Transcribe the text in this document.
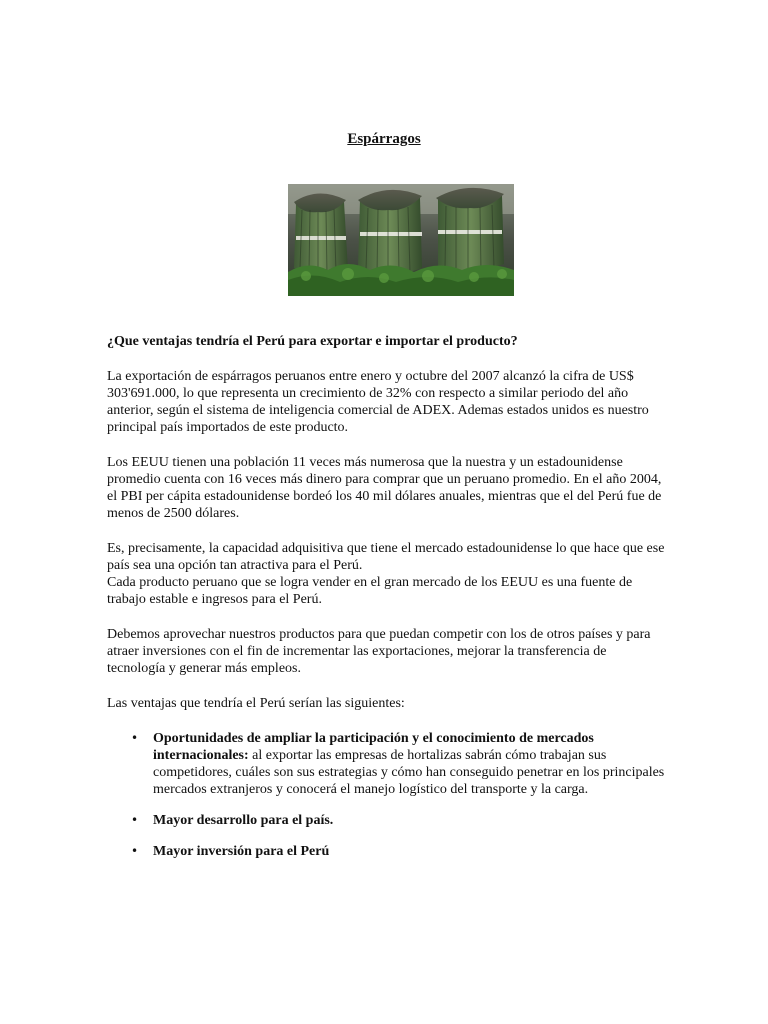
Espárragos

¿Que ventajas tendría el Perú para exportar e importar el producto?

La exportación de espárragos peruanos entre enero y octubre del 2007 alcanzó la cifra de US$ 303'691.000, lo que representa un crecimiento de 32% con respecto a similar periodo del año anterior, según el sistema de inteligencia comercial de ADEX. Ademas estados unidos es nuestro principal país importados de este producto.

Los EEUU tienen una población 11 veces más numerosa que la nuestra y un estadounidense promedio cuenta con 16 veces más dinero para comprar que un peruano promedio. En el año 2004, el PBI per cápita estadounidense bordeó los 40 mil dólares anuales, mientras que el del Perú fue de menos de 2500 dólares.

Es, precisamente, la capacidad adquisitiva que tiene el mercado estadounidense lo que hace que ese país sea una opción tan atractiva para el Perú.

Cada producto peruano que se logra vender en el gran mercado de los EEUU es una fuente de trabajo estable e ingresos para el Perú.

Debemos aprovechar nuestros productos para que puedan competir con los de otros países y para atraer inversiones con el fin de incrementar las exportaciones, mejorar la transferencia de tecnología y generar más empleos.

Las ventajas que tendría el Perú serían las siguientes:

• Oportunidades de ampliar la participación y el conocimiento de mercados internacionales: al exportar las empresas de hortalizas sabrán cómo trabajan sus competidores, cuáles son sus estrategias y cómo han conseguido penetrar en los principales mercados extranjeros y conocerá el manejo logístico del transporte y la carga.
• Mayor desarrollo para el país.
• Mayor inversión para el Perú
